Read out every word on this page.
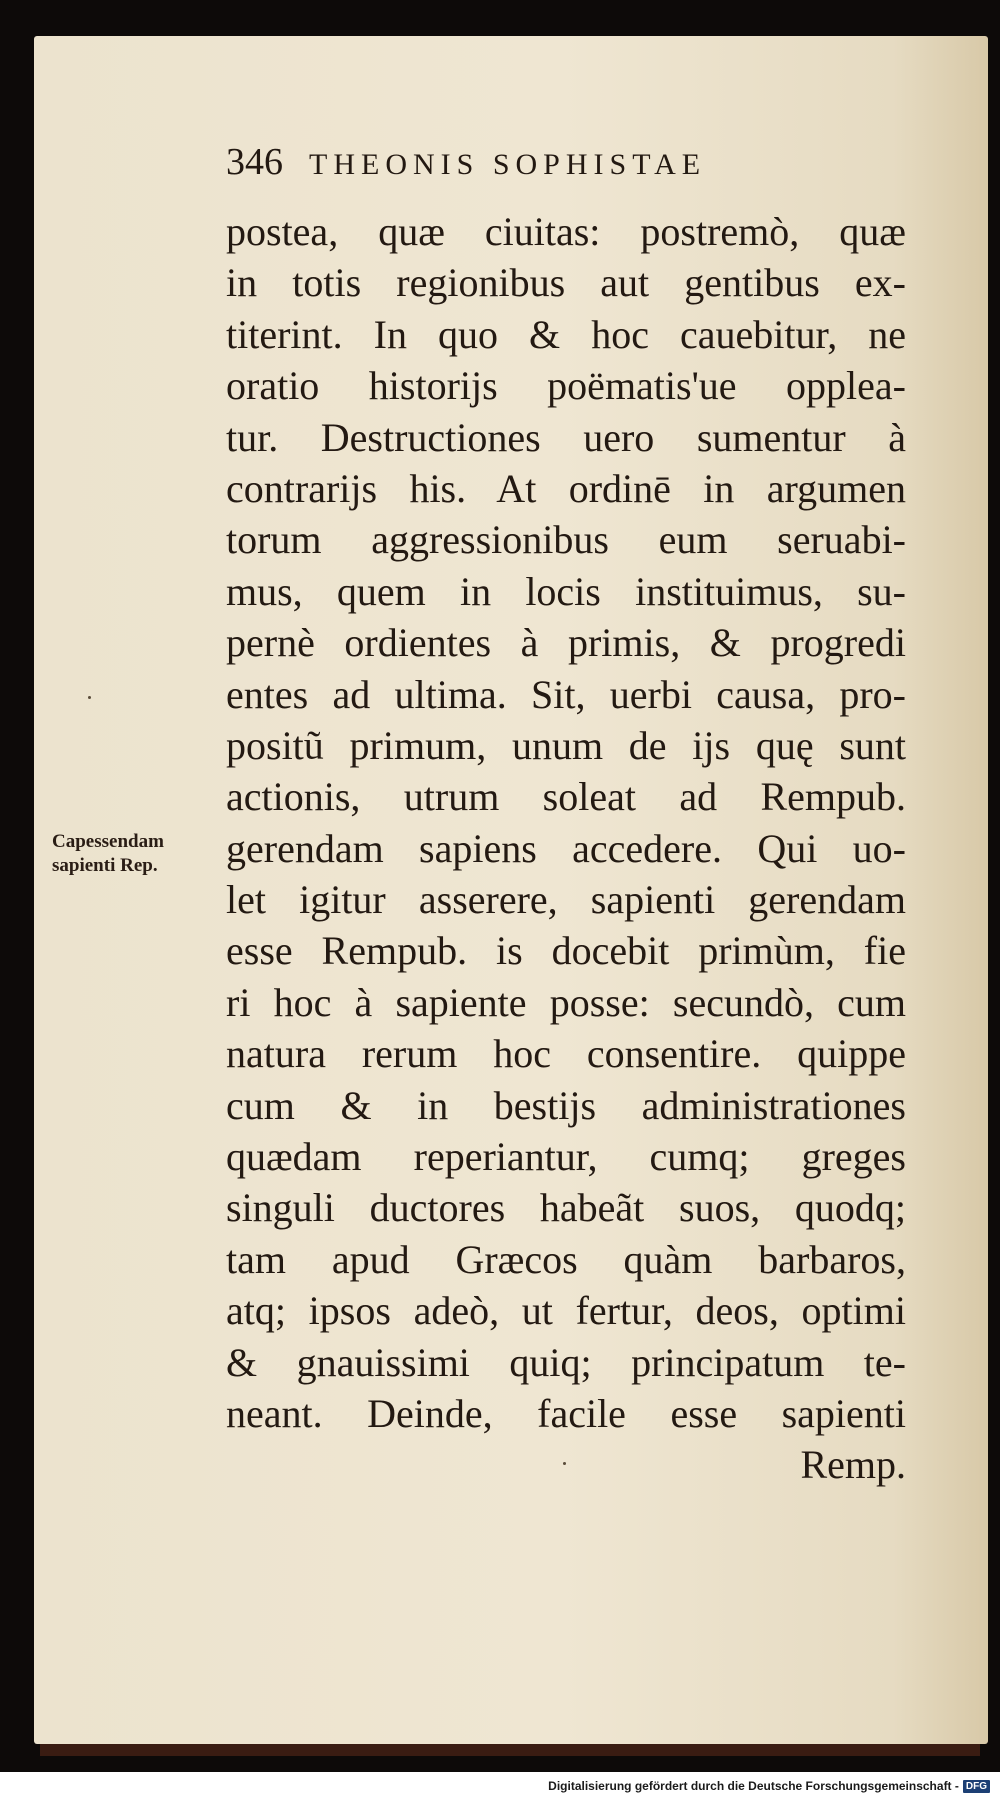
346 THEONIS SOPHISTAE
postea, quæ ciuitas: postremò, quæ
in totis regionibus aut gentibus ex-
titerint. In quo & hoc cauebitur, ne
oratio historijs poëmatis'ue oppleа-
tur. Destructiones uero sumentur à
contrarijs his. At ordinē in argumen
torum aggressionibus eum seruabi-
mus, quem in locis instituimus, su-
pernè ordientes à primis, & progredi
entes ad ultima. Sit, uerbi causa, pro-
positũ primum, unum de ijs quę sunt
actionis, utrum soleat ad Rempub.
gerendam sapiens accedere. Qui uo-
let igitur asserere, sapienti gerendam
esse Rempub. is docebit primùm, fie
ri hoc à sapiente posse: secundò, cum
natura rerum hoc consentire. quippe
cum & in bestijs administrationes
quædam reperiantur, cumq; greges
singuli ductores habeãt suos, quodq;
tam apud Græcos quàm barbaros,
atq; ipsos adeò, ut fertur, deos, optimi
& gnauissimi quiq; principatum te-
neant. Deinde, facile esse sapienti
Remp.
Capessendam
sapienti Rep.
Digitalisierung gefördert durch die Deutsche Forschungsgemeinschaft - DFG
